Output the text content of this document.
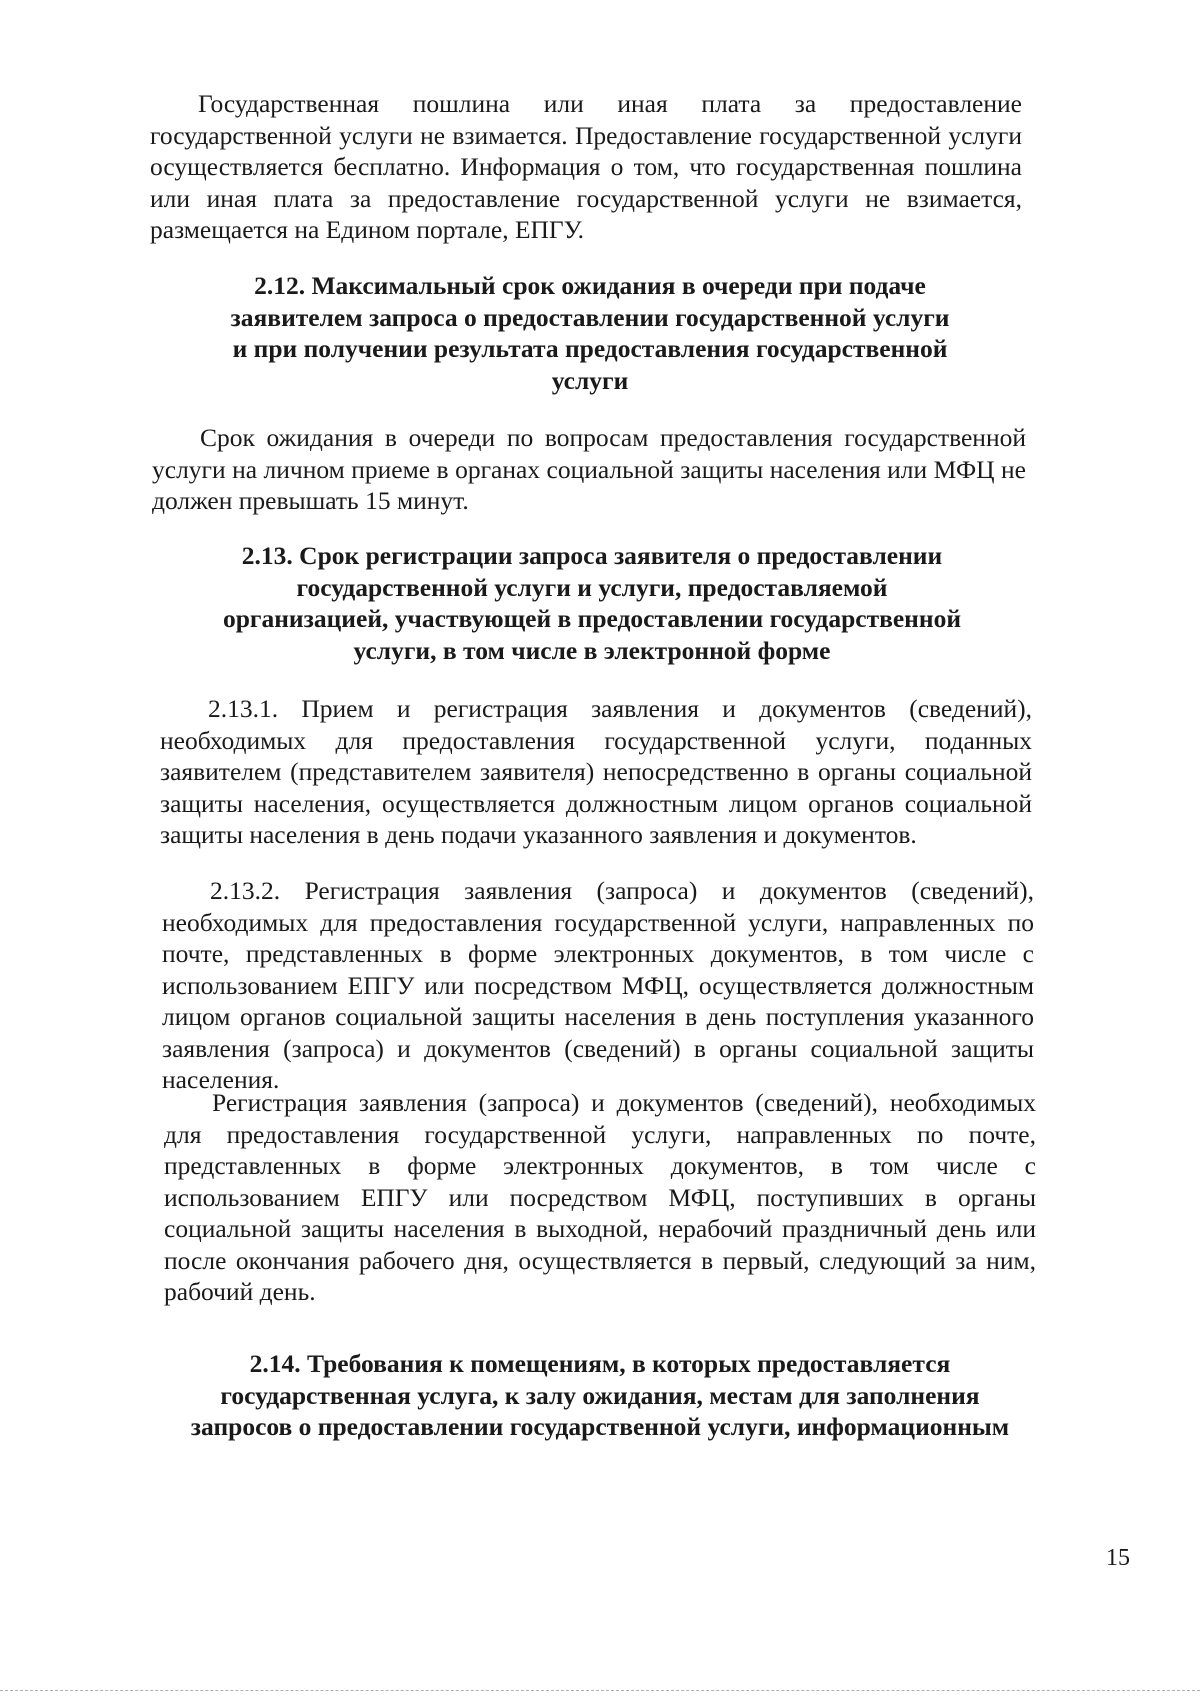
Государственная пошлина или иная плата за предоставление государственной услуги не взимается. Предоставление государственной услуги осуществляется бесплатно. Информация о том, что государственная пошлина или иная плата за предоставление государственной услуги не взимается, размещается на Едином портале, ЕПГУ.

2.12. Максимальный срок ожидания в очереди при подаче
заявителем запроса о предоставлении государственной услуги
и при получении результата предоставления государственной
услуги

Срок ожидания в очереди по вопросам предоставления государственной услуги на личном приеме в органах социальной защиты населения или МФЦ не должен превышать 15 минут.

2.13. Срок регистрации запроса заявителя о предоставлении
государственной услуги и услуги, предоставляемой
организацией, участвующей в предоставлении государственной
услуги, в том числе в электронной форме

2.13.1. Прием и регистрация заявления и документов (сведений), необходимых для предоставления государственной услуги, поданных заявителем (представителем заявителя) непосредственно в органы социальной защиты населения, осуществляется должностным лицом органов социальной защиты населения в день подачи указанного заявления и документов.

2.13.2. Регистрация заявления (запроса) и документов (сведений), необходимых для предоставления государственной услуги, направленных по почте, представленных в форме электронных документов, в том числе с использованием ЕПГУ или посредством МФЦ, осуществляется должностным лицом органов социальной защиты населения в день поступления указанного заявления (запроса) и документов (сведений) в органы социальной защиты населения.

Регистрация заявления (запроса) и документов (сведений), необходимых для предоставления государственной услуги, направленных по почте, представленных в форме электронных документов, в том числе с использованием ЕПГУ или посредством МФЦ, поступивших в органы социальной защиты населения в выходной, нерабочий праздничный день или после окончания рабочего дня, осуществляется в первый, следующий за ним, рабочий день.

2.14. Требования к помещениям, в которых предоставляется
государственная услуга, к залу ожидания, местам для заполнения
запросов о предоставлении государственной услуги, информационным
15
